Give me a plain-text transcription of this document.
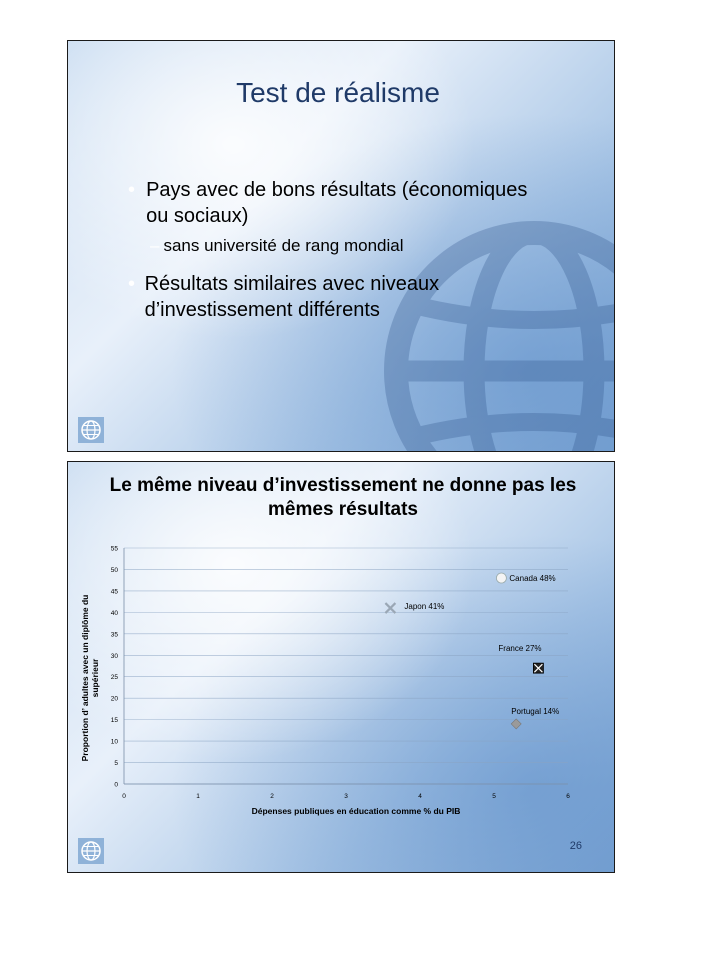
Test de réalisme
• Pays avec de bons résultats (économiques ou sociaux)
– sans université de rang mondial
• Résultats similaires avec niveaux d’investissement différents
Le même niveau d’investissement ne donne pas les mêmes résultats
0
5
10
15
20
25
30
35
40
45
50
55
0	1	2	3	4	5	6
Dépenses publiques en éducation comme % du PIB
Proportion d’ adultes avec un diplôme dusupérieur
Canada 48%
Japon 41%
France 27%
Portugal 14%
26
